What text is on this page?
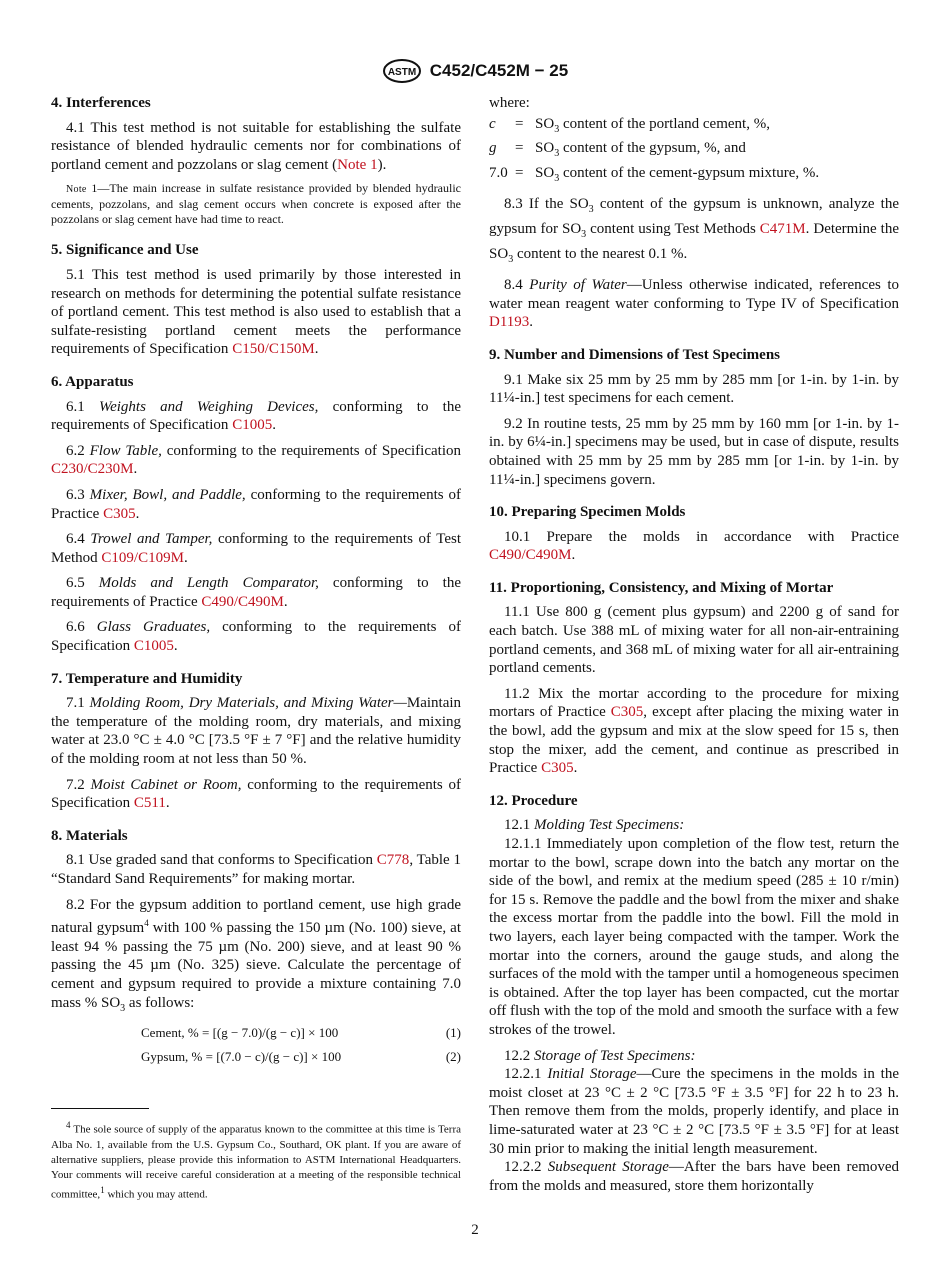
ASTM C452/C452M − 25
4. Interferences

4.1 This test method is not suitable for establishing the sulfate resistance of blended hydraulic cements nor for combinations of portland cement and pozzolans or slag cement (Note 1).

Note 1—The main increase in sulfate resistance provided by blended hydraulic cements, pozzolans, and slag cement occurs when concrete is exposed after the pozzolans or slag cement have had time to react.

5. Significance and Use

5.1 This test method is used primarily by those interested in research on methods for determining the potential sulfate resistance of portland cement. This test method is also used to establish that a sulfate-resisting portland cement meets the performance requirements of Specification C150/C150M.

6. Apparatus

6.1 Weights and Weighing Devices, conforming to the requirements of Specification C1005.

6.2 Flow Table, conforming to the requirements of Specification C230/C230M.

6.3 Mixer, Bowl, and Paddle, conforming to the requirements of Practice C305.

6.4 Trowel and Tamper, conforming to the requirements of Test Method C109/C109M.

6.5 Molds and Length Comparator, conforming to the requirements of Practice C490/C490M.

6.6 Glass Graduates, conforming to the requirements of Specification C1005.

7. Temperature and Humidity

7.1 Molding Room, Dry Materials, and Mixing Water—Maintain the temperature of the molding room, dry materials, and mixing water at 23.0 °C ± 4.0 °C [73.5 °F ± 7 °F] and the relative humidity of the molding room at not less than 50 %.

7.2 Moist Cabinet or Room, conforming to the requirements of Specification C511.

8. Materials

8.1 Use graded sand that conforms to Specification C778, Table 1 “Standard Sand Requirements” for making mortar.

8.2 For the gypsum addition to portland cement, use high grade natural gypsum$^4$ with 100 % passing the 150 µm (No. 100) sieve, at least 94 % passing the 75 µm (No. 200) sieve, and at least 90 % passing the 45 µm (No. 325) sieve. Calculate the percentage of cement and gypsum required to provide a mixture containing 7.0 mass % $SO_3$ as follows:

Cement, % = [(g − 7.0)/(g − c)] × 100	(1)
Gypsum, % = [(7.0 − c)/(g − c)] × 100	(2)
$^4$ The sole source of supply of the apparatus known to the committee at this time is Terra Alba No. 1, available from the U.S. Gypsum Co., Southard, OK plant. If you are aware of alternative suppliers, please provide this information to ASTM International Headquarters. Your comments will receive careful consideration at a meeting of the responsible technical committee,$^1$ which you may attend.
where:
c	= $SO_3$ content of the portland cement, %,
g	= $SO_3$ content of the gypsum, %, and
$7.0 = SO_3$ content of the cement-gypsum mixture, %.

8.3 If the $SO_3$ content of the gypsum is unknown, analyze the gypsum for $SO_3$ content using Test Methods C471M. Determine the $SO_3$ content to the nearest 0.1 %.

8.4 Purity of Water—Unless otherwise indicated, references to water mean reagent water conforming to Type IV of Specification D1193.

9. Number and Dimensions of Test Specimens

9.1 Make six 25 mm by 25 mm by 285 mm [or 1-in. by 1-in. by 11¼-in.] test specimens for each cement.

9.2 In routine tests, 25 mm by 25 mm by 160 mm [or 1-in. by 1-in. by 6¼-in.] specimens may be used, but in case of dispute, results obtained with 25 mm by 25 mm by 285 mm [or 1-in. by 1-in. by 11¼-in.] specimens govern.

10. Preparing Specimen Molds

10.1 Prepare the molds in accordance with Practice C490/C490M.

11. Proportioning, Consistency, and Mixing of Mortar

11.1 Use 800 g (cement plus gypsum) and 2200 g of sand for each batch. Use 388 mL of mixing water for all non-air-entraining portland cements, and 368 mL of mixing water for all air-entraining portland cements.

11.2 Mix the mortar according to the procedure for mixing mortars of Practice C305, except after placing the mixing water in the bowl, add the gypsum and mix at the slow speed for 15 s, then stop the mixer, add the cement, and continue as prescribed in Practice C305.

12. Procedure

12.1 Molding Test Specimens:

12.1.1 Immediately upon completion of the flow test, return the mortar to the bowl, scrape down into the batch any mortar on the side of the bowl, and remix at the medium speed (285 ± 10 r/min) for 15 s. Remove the paddle and the bowl from the mixer and shake the excess mortar from the paddle into the bowl. Fill the mold in two layers, each layer being compacted with the tamper. Work the mortar into the corners, around the gauge studs, and along the surfaces of the mold with the tamper until a homogeneous specimen is obtained. After the top layer has been compacted, cut the mortar off flush with the top of the mold and smooth the surface with a few strokes of the trowel.

12.2 Storage of Test Specimens:

12.2.1 Initial Storage—Cure the specimens in the molds in the moist closet at 23 °C ± 2 °C [73.5 °F ± 3.5 °F] for 22 h to 23 h. Then remove them from the molds, properly identify, and place in lime-saturated water at 23 °C ± 2 °C [73.5 °F ± 3.5 °F] for at least 30 min prior to making the initial length measurement.

12.2.2 Subsequent Storage—After the bars have been removed from the molds and measured, store them horizontally

2
